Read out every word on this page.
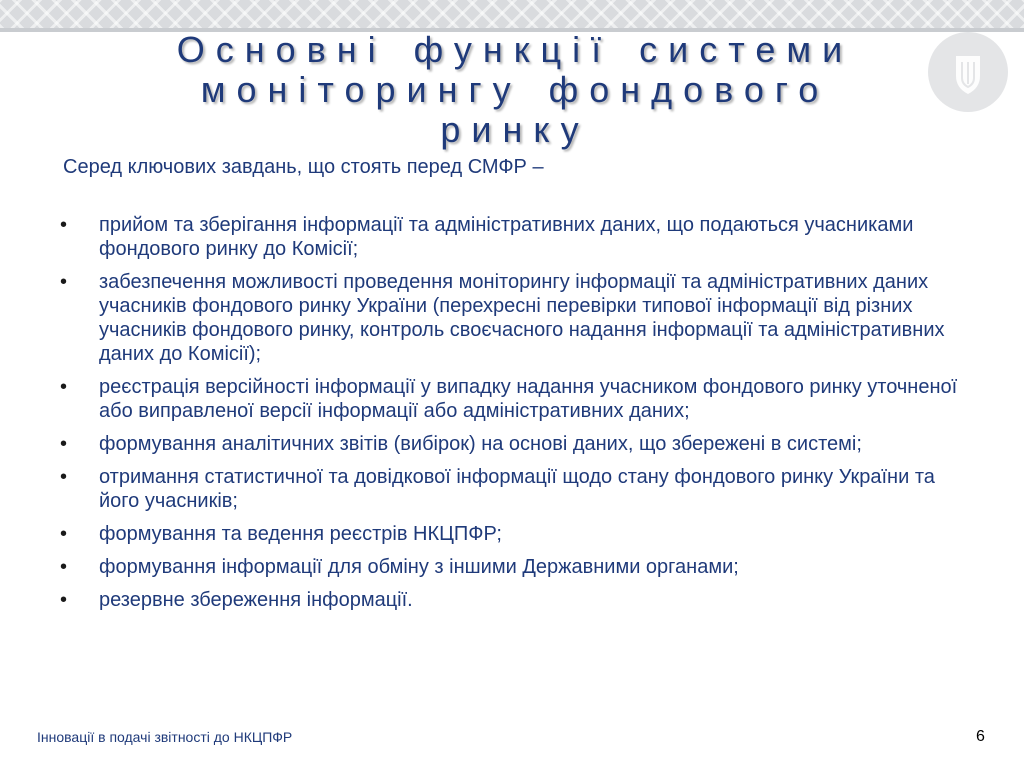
Основні функції системи моніторингу фондового ринку
Серед ключових завдань, що стоять перед СМФР –
• прийом та зберігання інформації та адміністративних даних, що подаються учасниками фондового ринку до Комісії;
• забезпечення можливості проведення моніторингу інформації та адміністративних даних учасників фондового ринку України (перехресні перевірки типової інформації від різних учасників фондового ринку, контроль своєчасного надання інформації та адміністративних даних до Комісії);
• реєстрація версійності інформації у випадку надання учасником фондового ринку уточненої або виправленої версії інформації або адміністративних даних;
• формування аналітичних звітів (вибірок) на основі даних, що збережені в системі;
• отримання статистичної та довідкової інформації щодо стану фондового ринку України та його учасників;
• формування та ведення реєстрів НКЦПФР;
• формування інформації для обміну з іншими Державними органами;
• резервне збереження інформації.
Інновації в подачі звітності до НКЦПФР	6
